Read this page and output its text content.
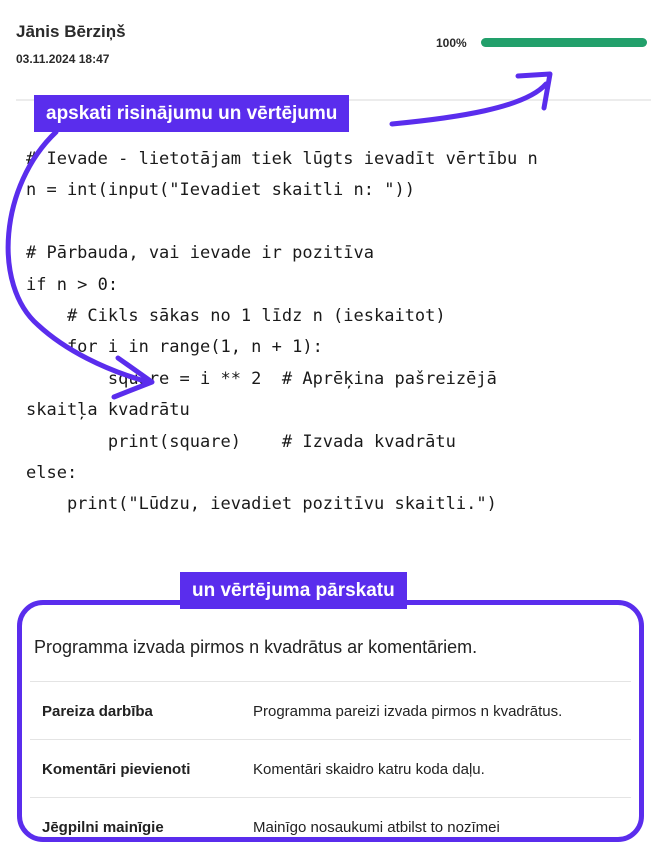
Jānis Bērziņš
03.11.2024 18:47
100%
# Ievade - lietotājam tiek lūgts ievadīt vērtību n
n = int(input("Ievadiet skaitli n: "))
# Pārbauda, vai ievade ir pozitīva
if n > 0:
# Cikls sākas no 1 līdz n (ieskaitot)
for i in range(1, n + 1):
square = i ** 2  # Aprēķina pašreizējā
skaitļa kvadrātu
print(square)    # Izvada kvadrātu
else:
print("Lūdzu, ievadiet pozitīvu skaitli.")
Programma izvada pirmos n kvadrātus ar komentāriem.
Pareiza darbība	Programma pareizi izvada pirmos n kvadrātus.
Komentāri pievienoti	Komentāri skaidro katru koda daļu.
Jēgpilni mainīgie	Mainīgo nosaukumi atbilst to nozīmei
apskati risinājumu un vērtējumu
un vērtējuma pārskatu
